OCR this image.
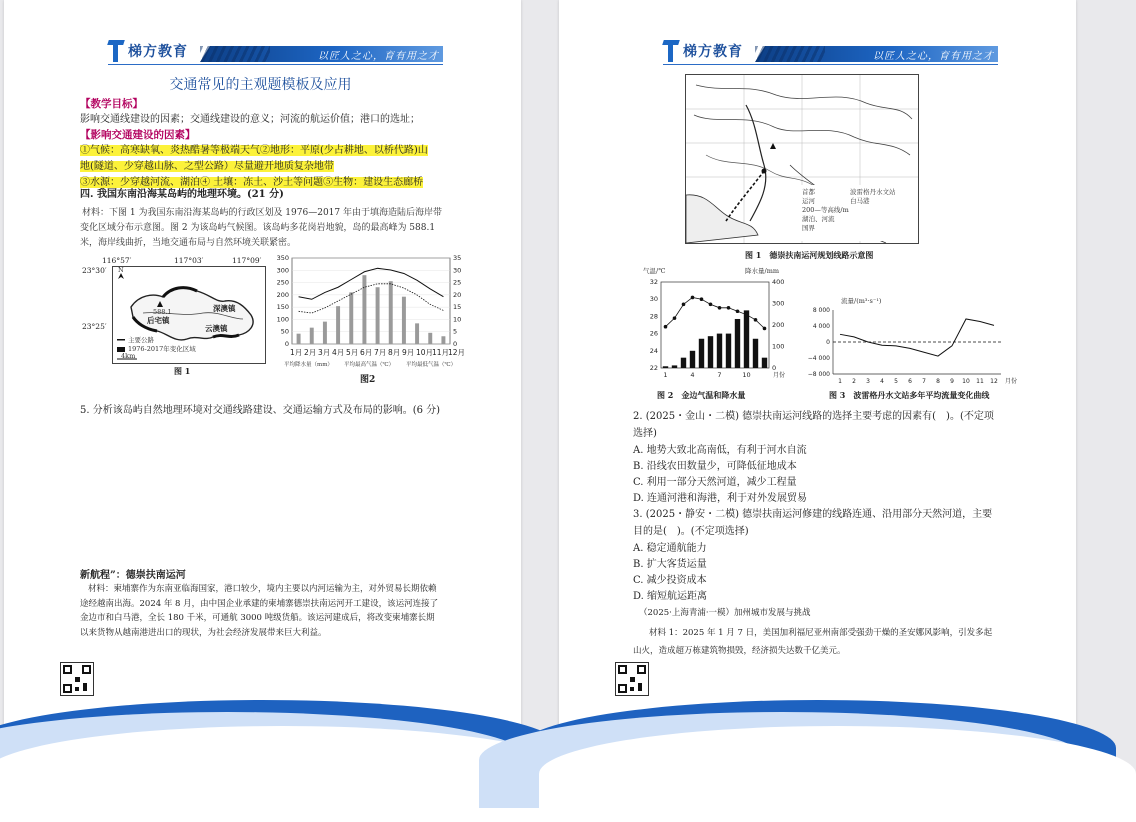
梯方教育	以匠人之心，育有用之才
交通常见的主观题模板及应用
【教学目标】
影响交通线建设的因素；交通线建设的意义；河流的航运价值；港口的选址；
【影响交通建设的因素】
①气候：高寒缺氧、炎热酷暑等极端天气②地形：平原(少占耕地、以桥代路)山
地(隧道、少穿越山脉、之型公路）尽量避开地质复杂地带
③水源：少穿越河流、湖泊④ 土壤：冻土、沙土等问题⑤生物：建设生态廊桥
四. 我国东南沿海某岛屿的地理环境。(21 分)
材料：下图 1 为我国东南沿海某岛屿的行政区划及 1976—2017 年由于填海造陆后海岸带变化区域分布示意图。图 2 为该岛屿气候图。该岛屿多花岗岩地貌，岛的最高峰为 588.1 米，海岸线曲折，当地交通布局与自然环境关联紧密。
116°57′	117°03′	117°09′
23°30′
23°25′
N
588.1
后宅镇
深澳镇
云澳镇
主要公路
1976-2017年变化区域
4km
图 1
350
300
250
200
150
100
50
0
35
30
25
20
15
10
5
0
1月 2月 3月 4月 5月 6月 7月 8月 9月 10月
11月
12月
平均降水量（mm） 平均最高气温（℃） 平均最低气温（℃）
图2
5. 分析该岛屿自然地理环境对交通线路建设、交通运输方式及布局的影响。(6 分)
新航程”：德崇扶南运河
材料：柬埔寨作为东南亚临海国家，港口较少，境内主要以内河运输为主，对外贸易长期依赖途经越南出海。2024 年 8 月，由中国企业承建的柬埔寨德崇扶南运河开工建设，该运河连接了金边市和白马港，全长 180 千米，可通航 3000 吨级货船。该运河建成后，将改变柬埔寨长期以来货物从越南港进出口的现状，为社会经济发展带来巨大利益。
梯方教育	以匠人之心，育有用之才
首都	波雷格丹水文站
运河	白马港
200—等高线/m
湖泊、河流
国界
图 1　德崇扶南运河规划线路示意图
气温/℃	降水量/mm
32
30
28
26
24
22
400
300
200
100
0
1	4	7	10	月份
图 2　金边气温和降水量
流量/(m³·s⁻¹)
8 000
4 000
0
−4 000
−8 000
1 2 3 4 5 6 7 8 9 10 11 12 月份
图 3　波雷格丹水文站多年平均流量变化曲线
2. (2025・金山・二模) 德崇扶南运河线路的选择主要考虑的因素有(　)。(不定项选择)
A. 地势大致北高南低，有利于河水自流
B. 沿线农田数量少，可降低征地成本
C. 利用一部分天然河道，减少工程量
D. 连通河港和海港，利于对外发展贸易
3. (2025・静安・二模) 德崇扶南运河修建的线路连通、沿用部分天然河道，主要目的是(　)。(不定项选择)
A. 稳定通航能力
B. 扩大客货运量
C. 减少投资成本
D. 缩短航运距离
（2025·上海青浦·一模）加州城市发展与挑战
材料 1：2025 年 1 月 7 日，美国加利福尼亚州南部受强劲干燥的圣安娜风影响，引发多起山火，造成超万栋建筑物损毁，经济损失达数千亿美元。
